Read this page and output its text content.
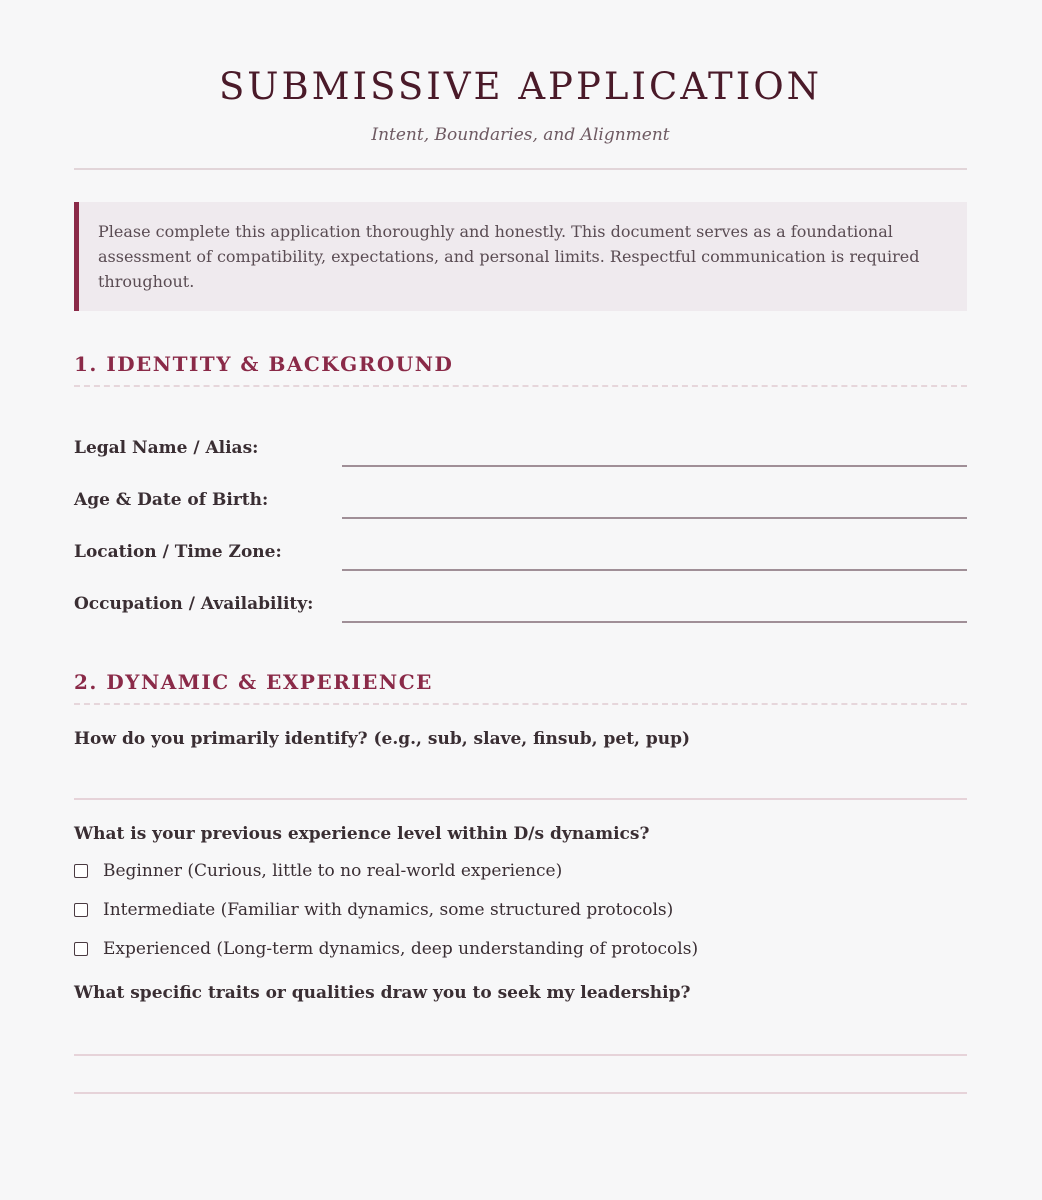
SUBMISSIVE APPLICATION
Intent, Boundaries, and Alignment
Please complete this application thoroughly and honestly. This document serves as a foundational assessment of compatibility, expectations, and personal limits. Respectful communication is required throughout.
1. IDENTITY & BACKGROUND
Legal Name / Alias:
Age & Date of Birth:
Location / Time Zone:
Occupation / Availability:
2. DYNAMIC & EXPERIENCE
How do you primarily identify? (e.g., sub, slave, finsub, pet, pup)
What is your previous experience level within D/s dynamics?
Beginner (Curious, little to no real-world experience)
Intermediate (Familiar with dynamics, some structured protocols)
Experienced (Long-term dynamics, deep understanding of protocols)
What specific traits or qualities draw you to seek my leadership?
